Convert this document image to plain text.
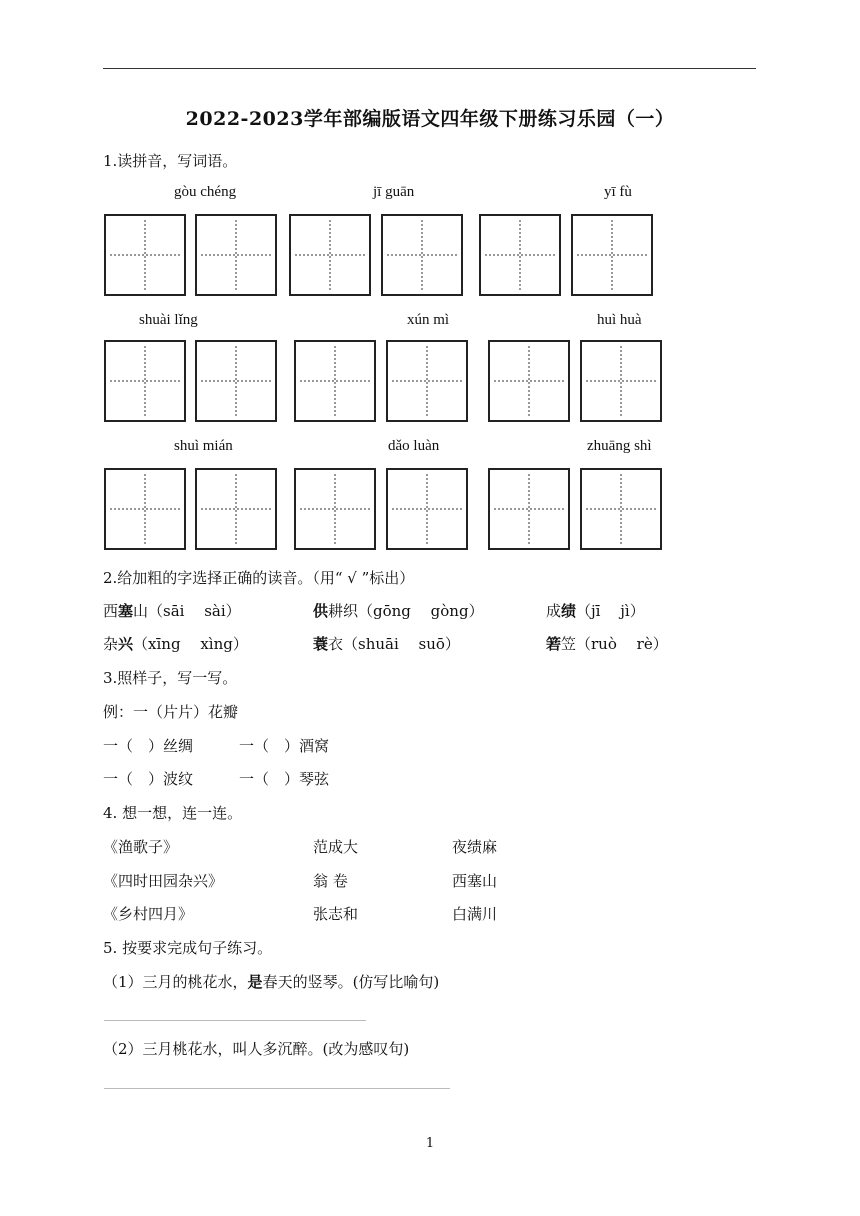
2022-2023学年部编版语文四年级下册练习乐园（一）
1.读拼音，写词语。
gòu chéng	jī guān	yī fù
shuài lǐng	xún mì	huì huà
shuì mián	dǎo luàn	zhuāng shì
2.给加粗的字选择正确的读音。（用“ √ ”标出）
西塞山（sāi　 sài）	供耕织（gōng　 gòng）	成绩（jī　 jì）
杂兴（xīng　 xìng）	蓑衣（shuāi　 suō）	箬笠（ruò　 rè）
3.照样子，写一写。
例：一（片片）花瓣
一（　）丝绸	一（　）酒窝
一（　）波纹	一（　）琴弦
4. 想一想，连一连。
《渔歌子》	范成大	夜绩麻
《四时田园杂兴》	翁 卷	西塞山
《乡村四月》	张志和	白满川
5. 按要求完成句子练习。
（1）三月的桃花水，是春天的竖琴。(仿写比喻句)
（2）三月桃花水，叫人多沉醉。(改为感叹句)
1
